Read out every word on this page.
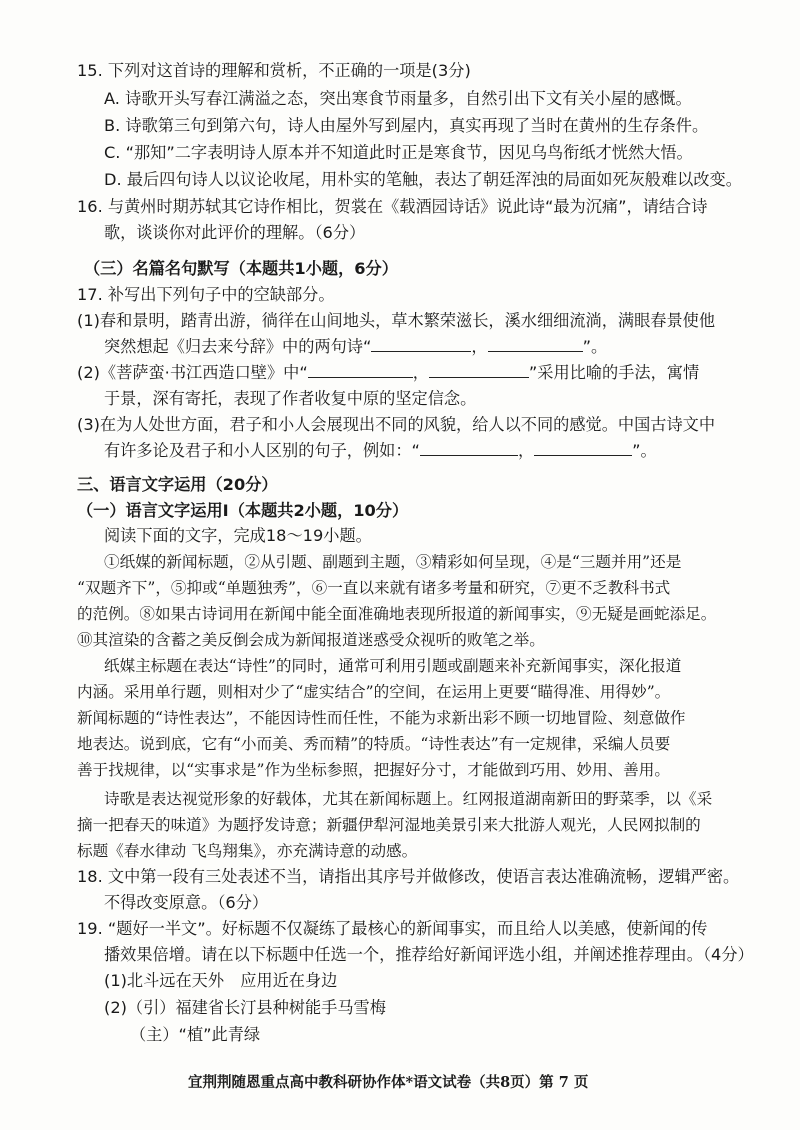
15. 下列对这首诗的理解和赏析，不正确的一项是(3分)
A. 诗歌开头写春江满溢之态，突出寒食节雨量多，自然引出下文有关小屋的感慨。
B. 诗歌第三句到第六句，诗人由屋外写到屋内，真实再现了当时在黄州的生存条件。
C. “那知”二字表明诗人原本并不知道此时正是寒食节，因见乌鸟衔纸才恍然大悟。
D. 最后四句诗人以议论收尾，用朴实的笔触，表达了朝廷浑浊的局面如死灰般难以改变。
16. 与黄州时期苏轼其它诗作相比，贺裳在《载酒园诗话》说此诗“最为沉痛”，请结合诗
歌，谈谈你对此评价的理解。（6分）
（三）名篇名句默写（本题共1小题，6分）
17. 补写出下列句子中的空缺部分。
(1)春和景明，踏青出游，徜徉在山间地头，草木繁荣滋长，溪水细细流淌，满眼春景使他
突然想起《归去来兮辞》中的两句诗“	，	”。
(2)《菩萨蛮·书江西造口壁》中“	，	”采用比喻的手法，寓情
于景，深有寄托，表现了作者收复中原的坚定信念。
(3)在为人处世方面，君子和小人会展现出不同的风貌，给人以不同的感觉。中国古诗文中
有许多论及君子和小人区别的句子，例如：“	，	”。
三、语言文字运用（20分）
（一）语言文字运用Ⅰ（本题共2小题，10分）
阅读下面的文字，完成18～19小题。
①纸媒的新闻标题，②从引题、副题到主题，③精彩如何呈现，④是“三题并用”还是
“双题齐下”，⑤抑或“单题独秀”，⑥一直以来就有诸多考量和研究，⑦更不乏教科书式
的范例。⑧如果古诗词用在新闻中能全面准确地表现所报道的新闻事实，⑨无疑是画蛇添足。
⑩其渲染的含蓄之美反倒会成为新闻报道迷惑受众视听的败笔之举。
纸媒主标题在表达“诗性”的同时，通常可利用引题或副题来补充新闻事实，深化报道
内涵。采用单行题，则相对少了“虚实结合”的空间，在运用上更要“瞄得准、用得妙”。
新闻标题的“诗性表达”，不能因诗性而任性，不能为求新出彩不顾一切地冒险、刻意做作
地表达。说到底，它有“小而美、秀而精”的特质。“诗性表达”有一定规律，采编人员要
善于找规律，以“实事求是”作为坐标参照，把握好分寸，才能做到巧用、妙用、善用。
诗歌是表达视觉形象的好载体，尤其在新闻标题上。红网报道湖南新田的野菜季，以《采
摘一把春天的味道》为题抒发诗意；新疆伊犁河湿地美景引来大批游人观光，人民网拟制的
标题《春水律动 飞鸟翔集》，亦充满诗意的动感。
18. 文中第一段有三处表述不当，请指出其序号并做修改，使语言表达准确流畅，逻辑严密。
不得改变原意。（6分）
19. “题好一半文”。好标题不仅凝练了最核心的新闻事实，而且给人以美感，使新闻的传
播效果倍增。请在以下标题中任选一个，推荐给好新闻评选小组，并阐述推荐理由。（4分）
(1)北斗远在天外　应用近在身边
(2)（引）福建省长汀县种树能手马雪梅
（主）“植”此青绿
宜荆荆随恩重点高中教科研协作体*语文试卷（共8页）第 7 页
